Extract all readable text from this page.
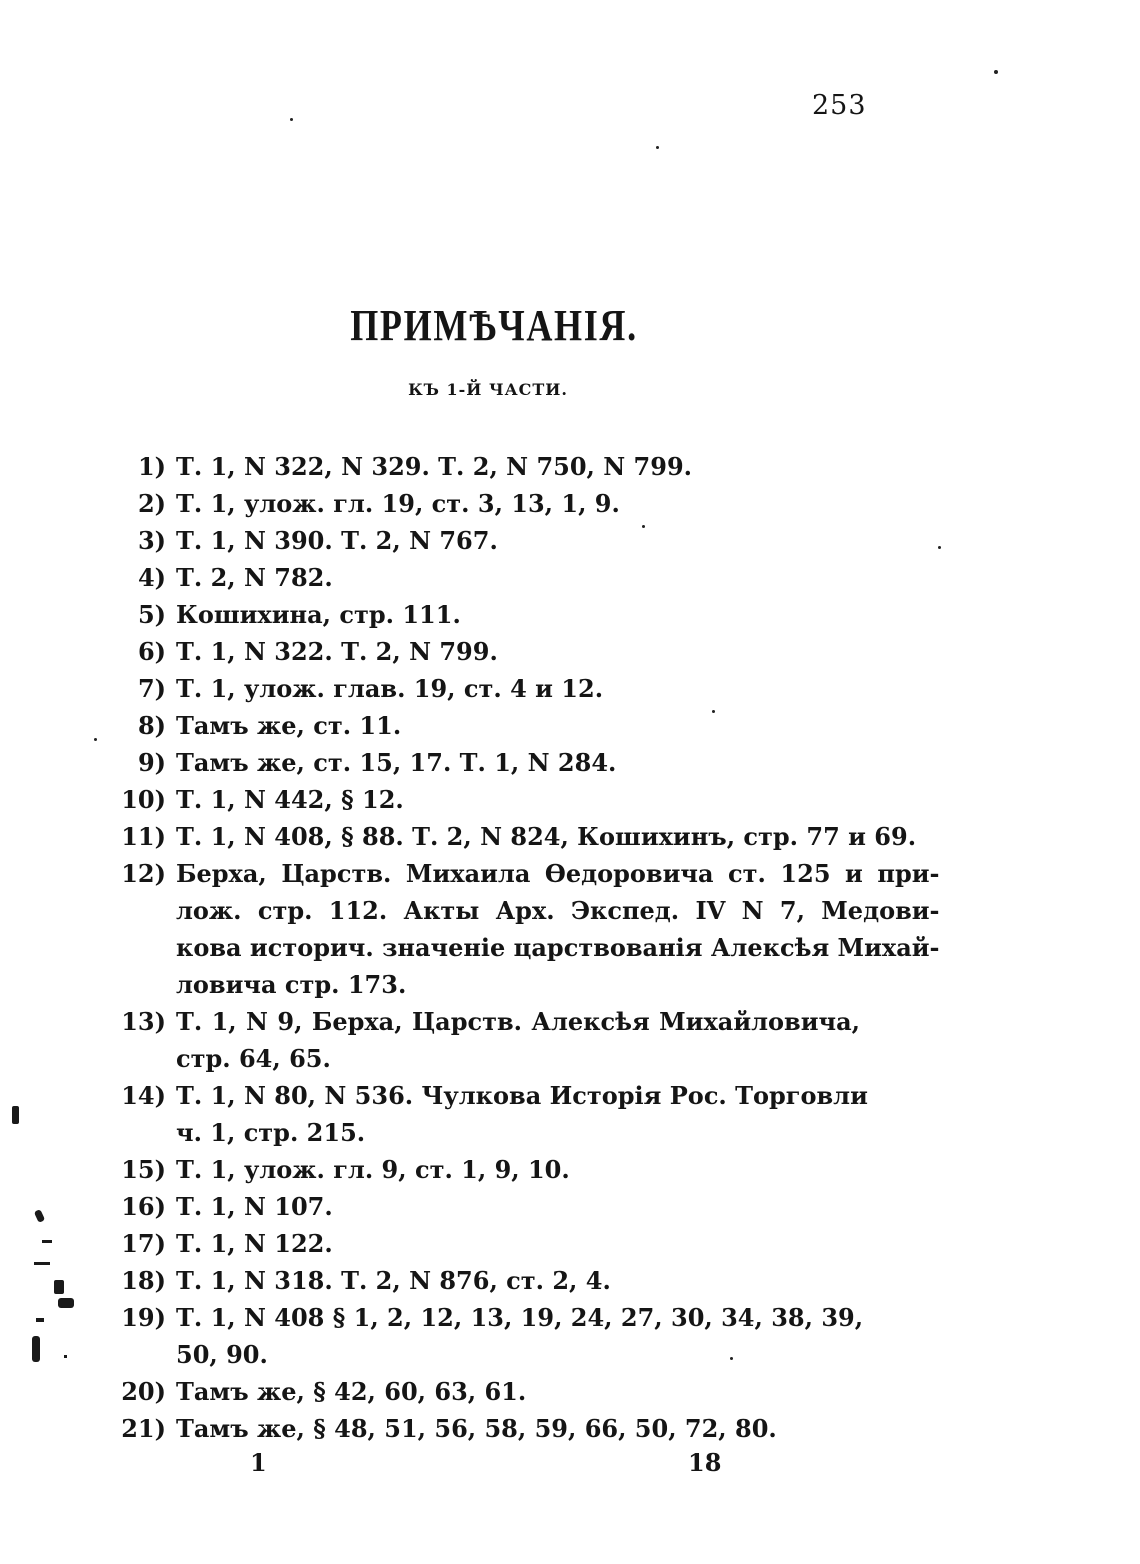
253
ПРИМѢЧАНІЯ.
КЪ 1-Й ЧАСТИ.
1) Т. 1, N 322, N 329. Т. 2, N 750, N 799.
2) Т. 1, улож. гл. 19, ст. 3, 13, 1, 9.
3) Т. 1, N 390. Т. 2, N 767.
4) Т. 2, N 782.
5) Кошихина, стр. 111.
6) Т. 1, N 322. Т. 2, N 799.
7) Т. 1, улож. глав. 19, ст. 4 и 12.
8) Тамъ же, ст. 11.
9) Тамъ же, ст. 15, 17. Т. 1, N 284.
10) Т. 1, N 442, § 12.
11) Т. 1, N 408, § 88. Т. 2, N 824, Кошихинъ, стр. 77 и 69.
12) Берха, Царств. Михаила Ѳедоровича ст. 125 и при-
лож. стр. 112. Акты Арх. Экспед. IV N 7, Медови-
кова историч. значеніе царствованія Алексѣя Михай-
ловича стр. 173.
13) Т. 1, N 9, Берха, Царств. Алексѣя Михайловича,
стр. 64, 65.
14) Т. 1, N 80, N 536. Чулкова Исторія Рос. Торговли
ч. 1, стр. 215.
15) Т. 1, улож. гл. 9, ст. 1, 9, 10.
16) Т. 1, N 107.
17) Т. 1, N 122.
18) Т. 1, N 318. Т. 2, N 876, ст. 2, 4.
19) Т. 1, N 408 § 1, 2, 12, 13, 19, 24, 27, 30, 34, 38, 39,
50, 90.
20) Тамъ же, § 42, 60, 63, 61.
21) Тамъ же, § 48, 51, 56, 58, 59, 66, 50, 72, 80.
1	18
